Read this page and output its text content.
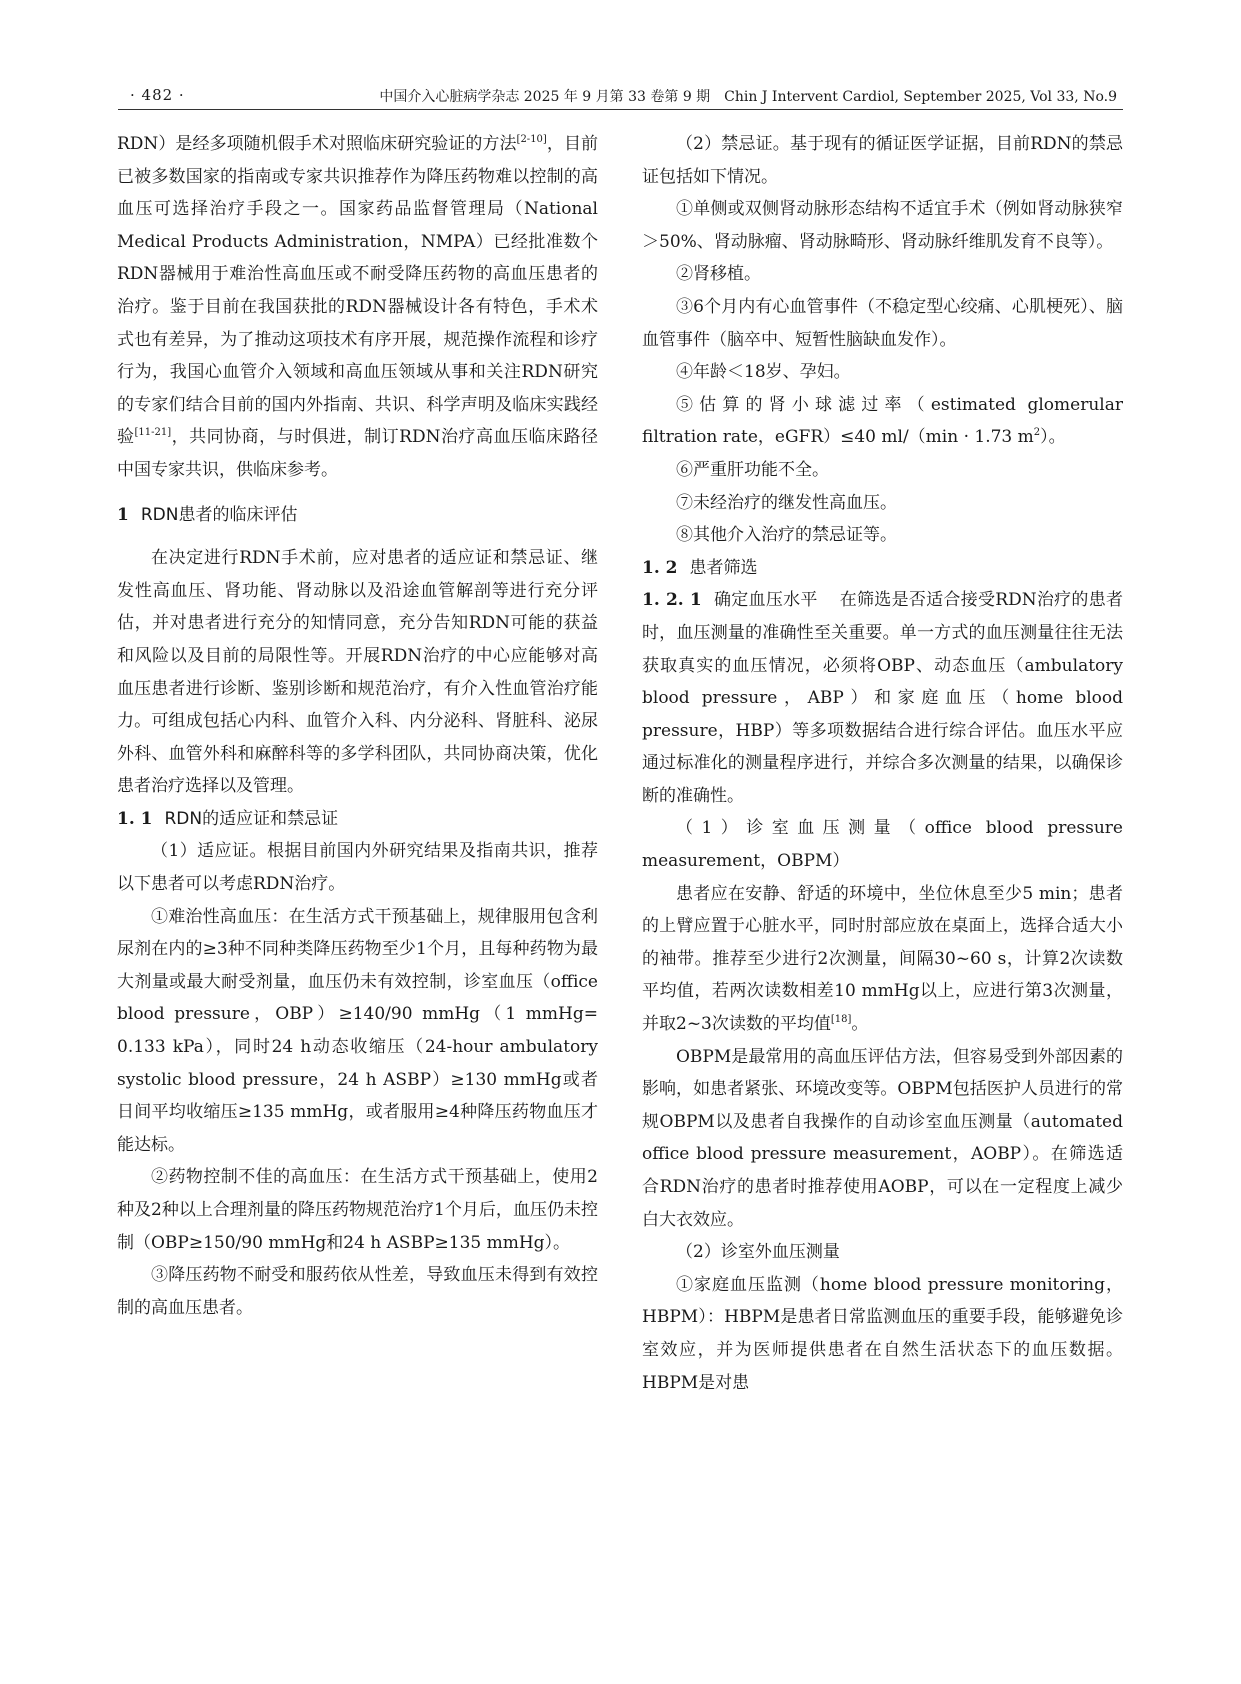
· 482 ·	中国介入心脏病学杂志 2025 年 9 月第 33 卷第 9 期　Chin J Intervent Cardiol, September 2025, Vol 33, No.9

RDN）是经多项随机假手术对照临床研究验证的方法[2-10]，目前已被多数国家的指南或专家共识推荐作为降压药物难以控制的高血压可选择治疗手段之一。国家药品监督管理局（National Medical Products Administration，NMPA）已经批准数个RDN器械用于难治性高血压或不耐受降压药物的高血压患者的治疗。鉴于目前在我国获批的RDN器械设计各有特色，手术术式也有差异，为了推动这项技术有序开展，规范操作流程和诊疗行为，我国心血管介入领域和高血压领域从事和关注RDN研究的专家们结合目前的国内外指南、共识、科学声明及临床实践经验[11-21]，共同协商，与时俱进，制订RDN治疗高血压临床路径中国专家共识，供临床参考。

1 RDN患者的临床评估

在决定进行RDN手术前，应对患者的适应证和禁忌证、继发性高血压、肾功能、肾动脉以及沿途血管解剖等进行充分评估，并对患者进行充分的知情同意，充分告知RDN可能的获益和风险以及目前的局限性等。开展RDN治疗的中心应能够对高血压患者进行诊断、鉴别诊断和规范治疗，有介入性血管治疗能力。可组成包括心内科、血管介入科、内分泌科、肾脏科、泌尿外科、血管外科和麻醉科等的多学科团队，共同协商决策，优化患者治疗选择以及管理。

1. 1 RDN的适应证和禁忌证

（1）适应证。根据目前国内外研究结果及指南共识，推荐以下患者可以考虑RDN治疗。

①难治性高血压：在生活方式干预基础上，规律服用包含利尿剂在内的≥3种不同种类降压药物至少1个月，且每种药物为最大剂量或最大耐受剂量，血压仍未有效控制，诊室血压（office blood pressure，OBP）≥140/90 mmHg（1 mmHg= 0.133 kPa），同时24 h动态收缩压（24-hour ambulatory systolic blood pressure，24 h ASBP）≥130 mmHg或者日间平均收缩压≥135 mmHg，或者服用≥4种降压药物血压才能达标。

②药物控制不佳的高血压：在生活方式干预基础上，使用2种及2种以上合理剂量的降压药物规范治疗1个月后，血压仍未控制（OBP≥150/90 mmHg和24 h ASBP≥135 mmHg）。

③降压药物不耐受和服药依从性差，导致血压未得到有效控制的高血压患者。

（2）禁忌证。基于现有的循证医学证据，目前RDN的禁忌证包括如下情况。

①单侧或双侧肾动脉形态结构不适宜手术（例如肾动脉狭窄＞50%、肾动脉瘤、肾动脉畸形、肾动脉纤维肌发育不良等）。

②肾移植。

③6个月内有心血管事件（不稳定型心绞痛、心肌梗死）、脑血管事件（脑卒中、短暂性脑缺血发作）。

④年龄＜18岁、孕妇。

⑤估算的肾小球滤过率（estimated glomerular filtration rate，eGFR）≤40 ml/（min · 1.73 $m^2$）。

⑥严重肝功能不全。

⑦未经治疗的继发性高血压。

⑧其他介入治疗的禁忌证等。

1. 2 患者筛选

1. 2. 1 确定血压水平 在筛选是否适合接受RDN治疗的患者时，血压测量的准确性至关重要。单一方式的血压测量往往无法获取真实的血压情况，必须将OBP、动态血压（ambulatory blood pressure，ABP）和家庭血压（home blood pressure，HBP）等多项数据结合进行综合评估。血压水平应通过标准化的测量程序进行，并综合多次测量的结果，以确保诊断的准确性。

（1）诊室血压测量（office blood pressure measurement，OBPM）

患者应在安静、舒适的环境中，坐位休息至少5 min；患者的上臂应置于心脏水平，同时肘部应放在桌面上，选择合适大小的袖带。推荐至少进行2次测量，间隔30~60 s，计算2次读数平均值，若两次读数相差10 mmHg以上，应进行第3次测量，并取2~3次读数的平均值[18]。

OBPM是最常用的高血压评估方法，但容易受到外部因素的影响，如患者紧张、环境改变等。OBPM包括医护人员进行的常规OBPM以及患者自我操作的自动诊室血压测量（automated office blood pressure measurement，AOBP）。在筛选适合RDN治疗的患者时推荐使用AOBP，可以在一定程度上减少白大衣效应。

（2）诊室外血压测量

①家庭血压监测（home blood pressure monitoring，HBPM）：HBPM是患者日常监测血压的重要手段，能够避免诊室效应，并为医师提供患者在自然生活状态下的血压数据。HBPM是对患
